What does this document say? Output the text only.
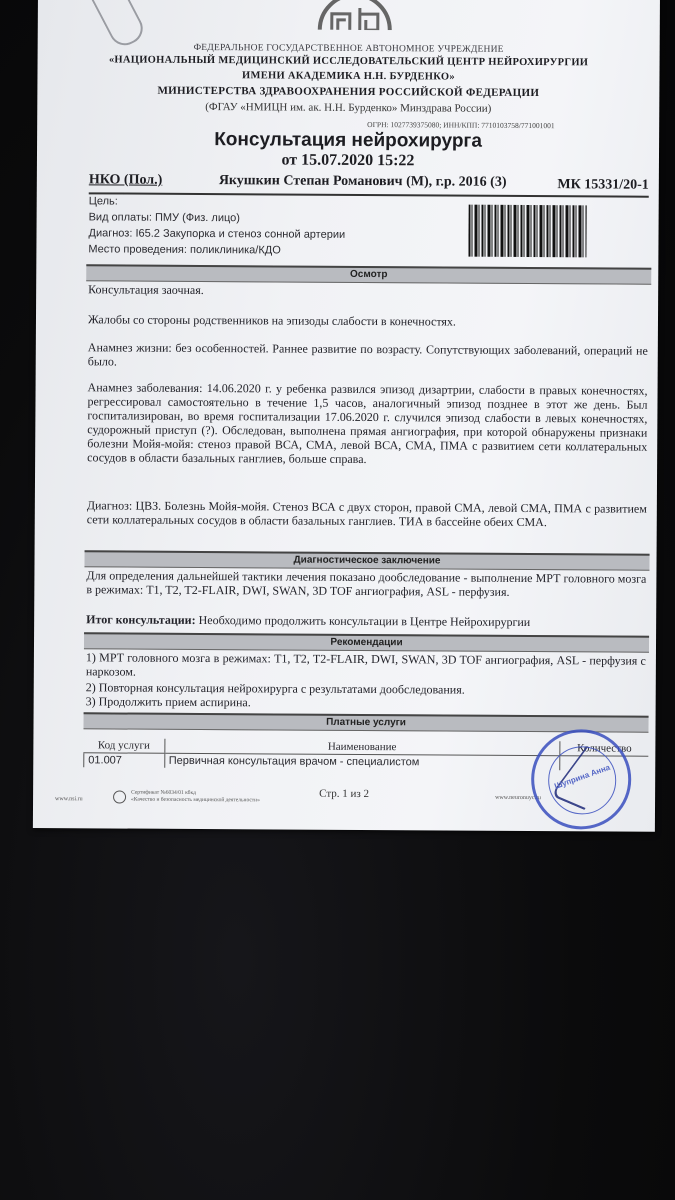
ФЕДЕРАЛЬНОЕ ГОСУДАРСТВЕННОЕ АВТОНОМНОЕ УЧРЕЖДЕНИЕ
«НАЦИОНАЛЬНЫЙ МЕДИЦИНСКИЙ ИССЛЕДОВАТЕЛЬСКИЙ ЦЕНТР НЕЙРОХИРУРГИИ
ИМЕНИ АКАДЕМИКА Н.Н. БУРДЕНКО»
МИНИСТЕРСТВА ЗДРАВООХРАНЕНИЯ РОССИЙСКОЙ ФЕДЕРАЦИИ
(ФГАУ «НМИЦН им. ак. Н.Н. Бурденко» Минздрава России)
ОГРН: 1027739375080; ИНН/КПП: 7710103758/771001001
Консультация нейрохирурга
от 15.07.2020 15:22
НКО (Пол.)	Якушкин Степан Романович (М), г.р. 2016 (3)	МК 15331/20-1
Цель:
Вид оплаты: ПМУ (Физ. лицо)
Диагноз: I65.2 Закупорка и стеноз сонной артерии
Место проведения: поликлиника/КДО
Осмотр
Консультация заочная.
Жалобы со стороны родственников на эпизоды слабости в конечностях.
Анамнез жизни: без особенностей. Раннее развитие по возрасту. Сопутствующих заболеваний, операций не было.
Анамнез заболевания: 14.06.2020 г. у ребенка развился эпизод дизартрии, слабости в правых конечностях, регрессировал самостоятельно в течение 1,5 часов, аналогичный эпизод позднее в этот же день. Был госпитализирован, во время госпитализации 17.06.2020 г. случился эпизод слабости в левых конечностях, судорожный приступ (?). Обследован, выполнена прямая ангиография, при которой обнаружены признаки болезни Мойя-мойя: стеноз правой ВСА, СМА, левой ВСА, СМА, ПМА с развитием сети коллатеральных сосудов в области базальных ганглиев, больше справа.
Диагноз: ЦВЗ. Болезнь Мойя-мойя. Стеноз ВСА с двух сторон, правой СМА, левой СМА, ПМА с развитием сети коллатеральных сосудов в области базальных ганглиев. ТИА в бассейне обеих СМА.
Диагностическое заключение
Для определения дальнейшей тактики лечения показано дообследование - выполнение МРТ головного мозга в режимах: T1, T2, T2-FLAIR, DWI, SWAN, 3D TOF ангиография, ASL - перфузия.
Итог консультации: Необходимо продолжить консультации в Центре Нейрохирургии
Рекомендации
1) МРТ головного мозга в режимах: T1, T2, T2-FLAIR, DWI, SWAN, 3D TOF ангиография, ASL - перфузия с наркозом.
2) Повторная консультация нейрохирурга с результатами дообследования.
3) Продолжить прием аспирина.
Платные услуги
Код услуги	Наименование	Количество
01.007	Первичная консультация врачом - специалистом	
www.nsi.ru
Сертификат №6034/01 кбкд
«Качество и безопасность медицинской деятельности»	Стр. 1 из 2	www.neuronuyc.ru
Шуприна Анна
